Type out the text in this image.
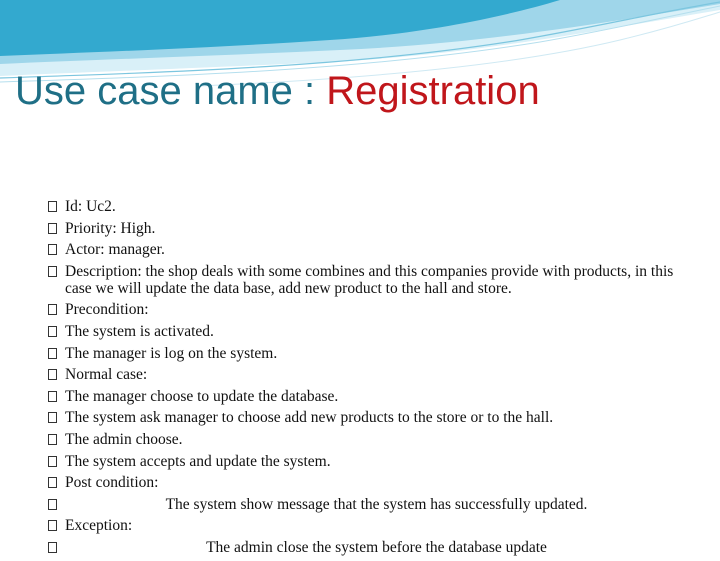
Use case name : Registration
Id: Uc2.
Priority: High.
Actor: manager.
Description: the shop deals with some combines and this companies provide with products, in this case we will update the data base, add new product to the hall and store.
Precondition:
The system is activated.
The manager is log on the system.
Normal case:
The manager choose to update the database.
The system ask manager to choose add new products to the store or to the hall.
The admin choose.
The system accepts and update the system.
Post condition:
The system show message that the system has successfully updated.
Exception:
The admin close the system before the database update
